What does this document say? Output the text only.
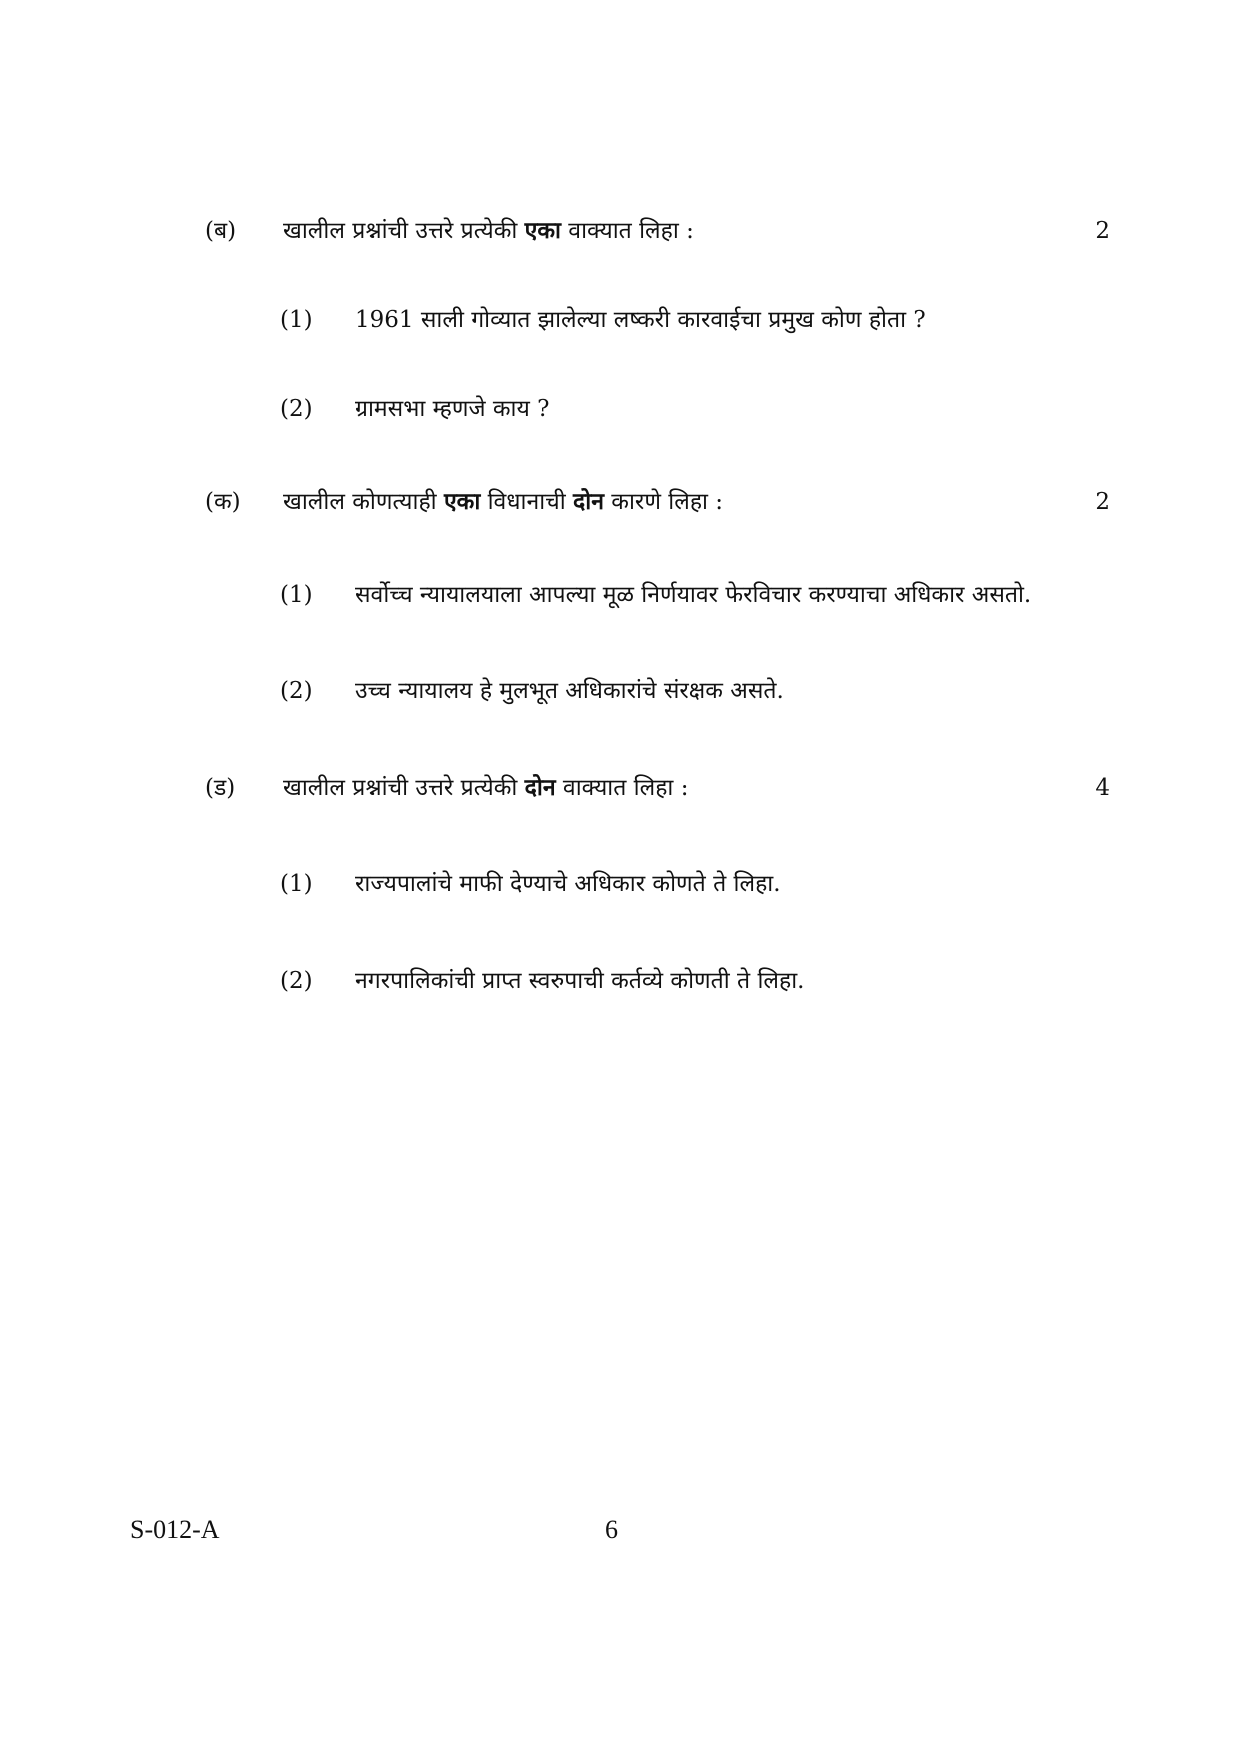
(ब) खालील प्रश्नांची उत्तरे प्रत्येकी एका वाक्यात लिहा :	2
(1) 1961 साली गोव्यात झालेल्या लष्करी कारवाईचा प्रमुख कोण होता ?
(2) ग्रामसभा म्हणजे काय ?
(क) खालील कोणत्याही एका विधानाची दोन कारणे लिहा :	2
(1) सर्वोच्च न्यायालयाला आपल्या मूळ निर्णयावर फेरविचार करण्याचा अधिकार असतो.
(2) उच्च न्यायालय हे मुलभूत अधिकारांचे संरक्षक असते.
(ड) खालील प्रश्नांची उत्तरे प्रत्येकी दोन वाक्यात लिहा :	4
(1) राज्यपालांचे माफी देण्याचे अधिकार कोणते ते लिहा.
(2) नगरपालिकांची प्राप्त स्वरुपाची कर्तव्ये कोणती ते लिहा.
S-012-A	6
